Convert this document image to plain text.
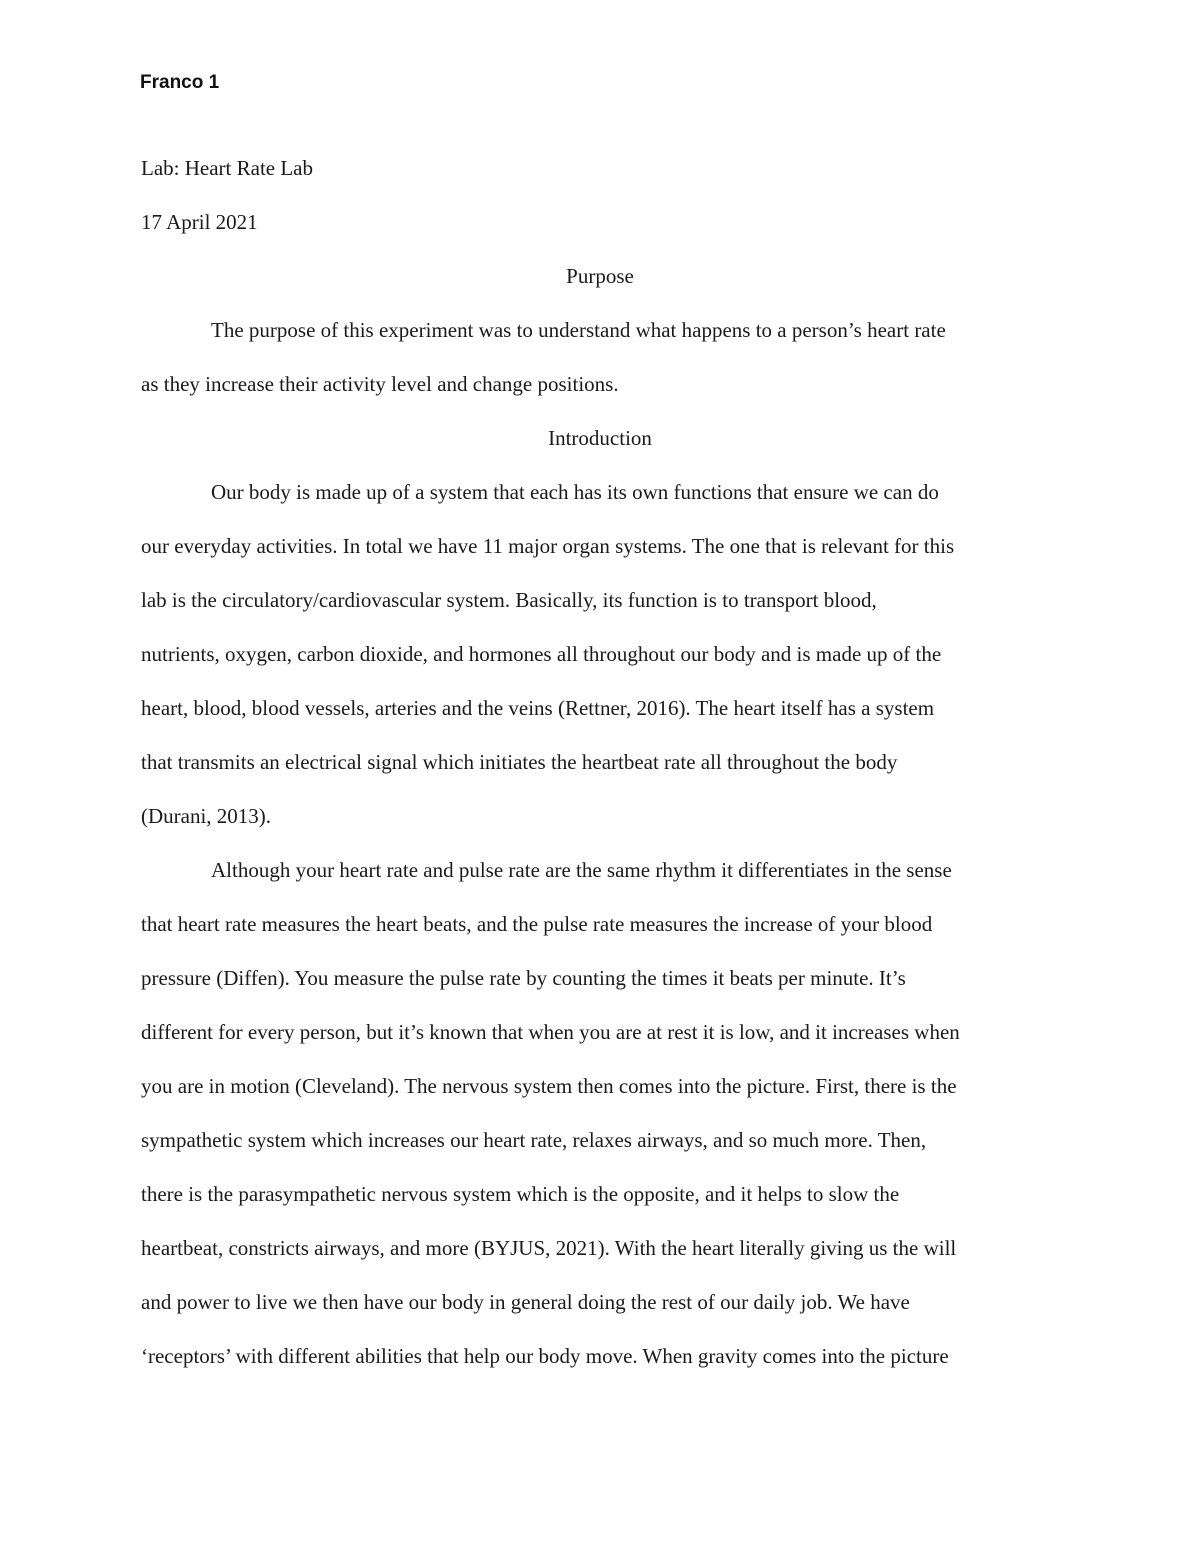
Franco 1
Lab: Heart Rate Lab
17 April 2021
Purpose
The purpose of this experiment was to understand what happens to a person’s heart rate
as they increase their activity level and change positions.
Introduction
Our body is made up of a system that each has its own functions that ensure we can do
our everyday activities. In total we have 11 major organ systems. The one that is relevant for this
lab is the circulatory/cardiovascular system. Basically, its function is to transport blood,
nutrients, oxygen, carbon dioxide, and hormones all throughout our body and is made up of the
heart, blood, blood vessels, arteries and the veins (Rettner, 2016). The heart itself has a system
that transmits an electrical signal which initiates the heartbeat rate all throughout the body
(Durani, 2013).
Although your heart rate and pulse rate are the same rhythm it differentiates in the sense
that heart rate measures the heart beats, and the pulse rate measures the increase of your blood
pressure (Diffen). You measure the pulse rate by counting the times it beats per minute. It’s
different for every person, but it’s known that when you are at rest it is low, and it increases when
you are in motion (Cleveland). The nervous system then comes into the picture. First, there is the
sympathetic system which increases our heart rate, relaxes airways, and so much more. Then,
there is the parasympathetic nervous system which is the opposite, and it helps to slow the
heartbeat, constricts airways, and more (BYJUS, 2021). With the heart literally giving us the will
and power to live we then have our body in general doing the rest of our daily job. We have
‘receptors’ with different abilities that help our body move. When gravity comes into the picture
